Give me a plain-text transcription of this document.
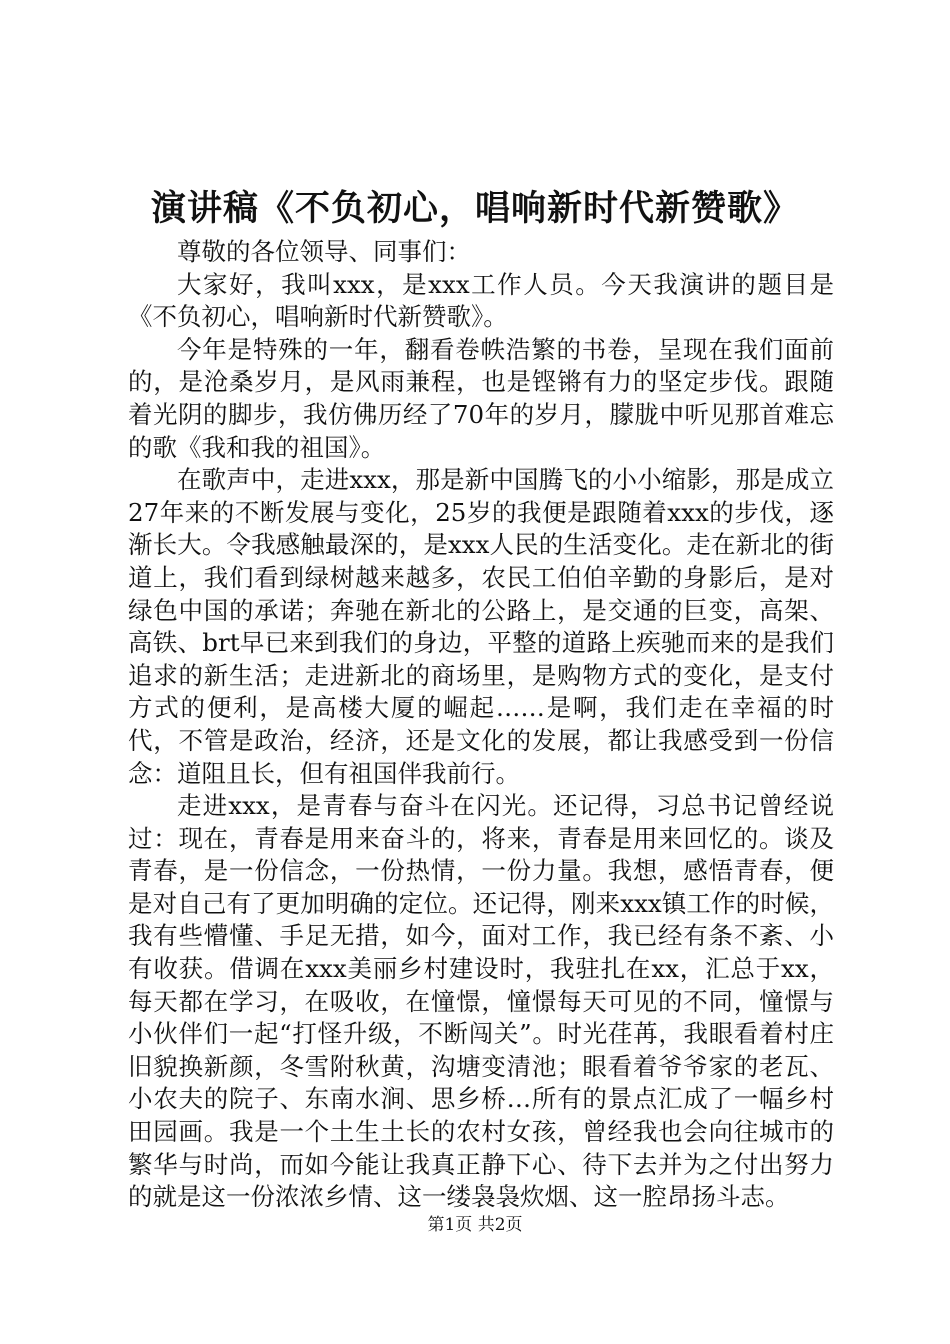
演讲稿《不负初心，唱响新时代新赞歌》

尊敬的各位领导、同事们：

大家好，我叫xxx，是xxx工作人员。今天我演讲的题目是《不负初心，唱响新时代新赞歌》。

今年是特殊的一年，翻看卷帙浩繁的书卷，呈现在我们面前的，是沧桑岁月，是风雨兼程，也是铿锵有力的坚定步伐。跟随着光阴的脚步，我仿佛历经了70年的岁月，朦胧中听见那首难忘的歌《我和我的祖国》。

在歌声中，走进xxx，那是新中国腾飞的小小缩影，那是成立27年来的不断发展与变化，25岁的我便是跟随着xxx的步伐，逐渐长大。令我感触最深的，是xxx人民的生活变化。走在新北的街道上，我们看到绿树越来越多，农民工伯伯辛勤的身影后，是对绿色中国的承诺；奔驰在新北的公路上，是交通的巨变，高架、高铁、brt早已来到我们的身边，平整的道路上疾驰而来的是我们追求的新生活；走进新北的商场里，是购物方式的变化，是支付方式的便利，是高楼大厦的崛起……是啊，我们走在幸福的时代，不管是政治，经济，还是文化的发展，都让我感受到一份信念：道阻且长，但有祖国伴我前行。

走进xxx，是青春与奋斗在闪光。还记得，习总书记曾经说过：现在，青春是用来奋斗的，将来，青春是用来回忆的。谈及青春，是一份信念，一份热情，一份力量。我想，感悟青春，便是对自己有了更加明确的定位。还记得，刚来xxx镇工作的时候，我有些懵懂、手足无措，如今，面对工作，我已经有条不紊、小有收获。借调在xxx美丽乡村建设时，我驻扎在xx，汇总于xx，每天都在学习，在吸收，在憧憬，憧憬每天可见的不同，憧憬与小伙伴们一起“打怪升级，不断闯关”。时光荏苒，我眼看着村庄旧貌换新颜，冬雪附秋黄，沟塘变清池；眼看着爷爷家的老瓦、小农夫的院子、东南水涧、思乡桥…所有的景点汇成了一幅乡村田园画。我是一个土生土长的农村女孩，曾经我也会向往城市的繁华与时尚，而如今能让我真正静下心、待下去并为之付出努力的就是这一份浓浓乡情、这一缕袅袅炊烟、这一腔昂扬斗志。

第1页 共2页
